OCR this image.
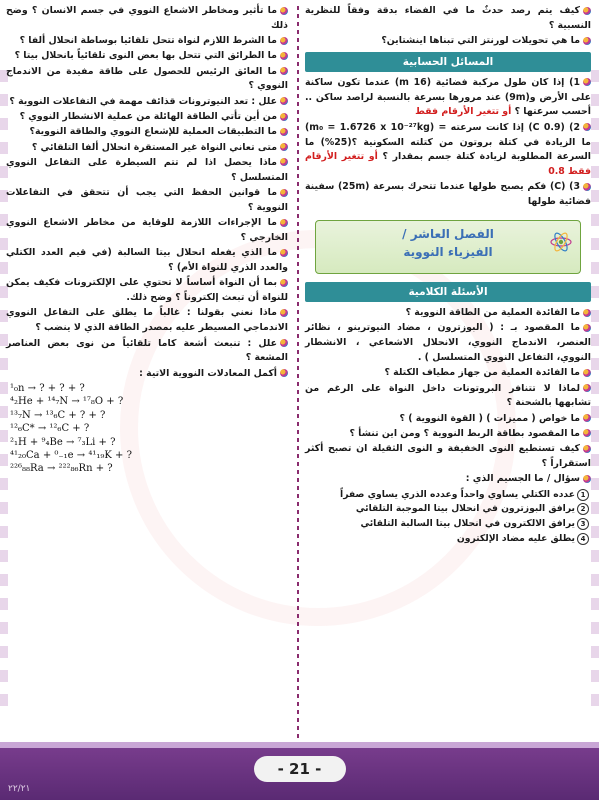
كيف يتم رصد حدثٌ ما في الفضاء بدقة وفقاً للنظرية النسبية ؟
ما هي تحويلات لورنتز التي تبناها اينشتاين؟
المسائل الحسابية
1) إذا كان طول مركبة فضائية (16 m) عندما تكون ساكنة على الأرض و(9m) عند مرورها بسرعة بالنسبة لراصد ساكن .. أحسب سرعتها ؟ أو تتغير الأرقام فقط
2) (C 0.9) إذا كانت سرعته = (m₀ = 1.6726 x 10⁻²⁷kg) ما الزيادة في كتلة بروتون من كتلته السكونية ؟(25%) ما السرعة المطلوبة لزيادة كتلة جسم بمقدار ؟ أو تتغير الأرقام فقط 0.8
3) (C) فكم يصبح طولها عندما تتحرك بسرعة (25m) سفينة فضائية طولها
الفصل العاشر /
الفيزياء النووية
الأسئلة الكلامية
ما الفائدة العملية من الطاقة النووية ؟
ما المقصود بـ : ( البوزترون ، مضاد النيوترينو ، نظائر العنصر، الاندماج النووي، الانحلال الاشعاعي ، الانشطار النووي، التفاعل النووي المتسلسل ) .
ما الفائدة العملية من جهاز مطياف الكتلة ؟
لماذا لا تتنافر البروتونات داخل النواة على الرغم من تشابهها بالشحنة ؟
ما خواص ( مميزات ) ( القوة النووية ) ؟
ما المقصود بطاقة الربط النووية ؟ ومن اين تنشأ ؟
كيف تستطيع النوى الخفيفة و النوى الثقيلة ان تصبح أكثر استقراراً ؟
سؤال / ما الجسيم الذي :
1عدده الكتلي يساوي واحداً وعدده الذري يساوي صفراً
2يرافق البوزترون في انحلال بيتا الموجبة التلقائي
3يرافق الالكترون في انحلال بيتا السالبة التلقائي
4يطلق عليه مضاد الإلكترون
ما تأثير ومخاطر الاشعاع النووي في جسم الانسان ؟ وضح ذلك
ما الشرط اللازم لنواة تتحل تلقائيا بوساطة انحلال ألفا ؟
ما الطرائق التي تتحل بها بعض النوى تلقائياً بانحلال بيتا ؟
ما العائق الرئيس للحصول على طاقة مفيدة من الاندماج النووي ؟
علل : تعد النيوترونات قذائف مهمة في التفاعلات النووية ؟
من أين تأتي الطاقة الهائلة من عملية الانشطار النووي ؟
ما التطبيقات العملية للإشعاع النووي والطاقة النووية؟
متى تعاني النواة غير المستقرة انحلال ألفا التلقائي ؟
ماذا يحصل اذا لم تتم السيطرة على التفاعل النووي المتسلسل ؟
ما قوانين الحفظ التي يجب أن تتحقق في التفاعلات النووية ؟
ما الإجراءات اللازمة للوقاية من مخاطر الاشعاع النووي الخارجي ؟
ما الذي يفعله انحلال بيتا السالبة (في قيم العدد الكتلي والعدد الذري للنواة الأم) ؟
بما أن النواة أساساً لا تحتوي على الإلكترونات فكيف يمكن للنواة أن تبعث إلكتروناً ؟ وضح ذلك.
ماذا نعني بقولنا : غالباً ما يطلق على التفاعل النووي الاندماجي المسيطر عليه بمصدر الطاقة الذي لا ينضب ؟
علل : تنبعث أشعة كاما تلقائياً من نوى بعض العناصر المشعة ؟
أكمل المعادلات النووية الاتية :
¹₀n → ? + ? + ?
⁴₂He + ¹⁴₇N → ¹⁷₈O + ?
¹³₇N → ¹³₆C + ? + ?
¹²₆C* → ¹²₆C + ?
²₁H + ⁹₄Be → ⁷₃Li + ?
⁴¹₂₀Ca + ⁰₋₁e → ⁴¹₁₉K + ?
²²⁶₈₈Ra → ²²²₈₆Rn + ?
- 21 -
٢٢/٢١
